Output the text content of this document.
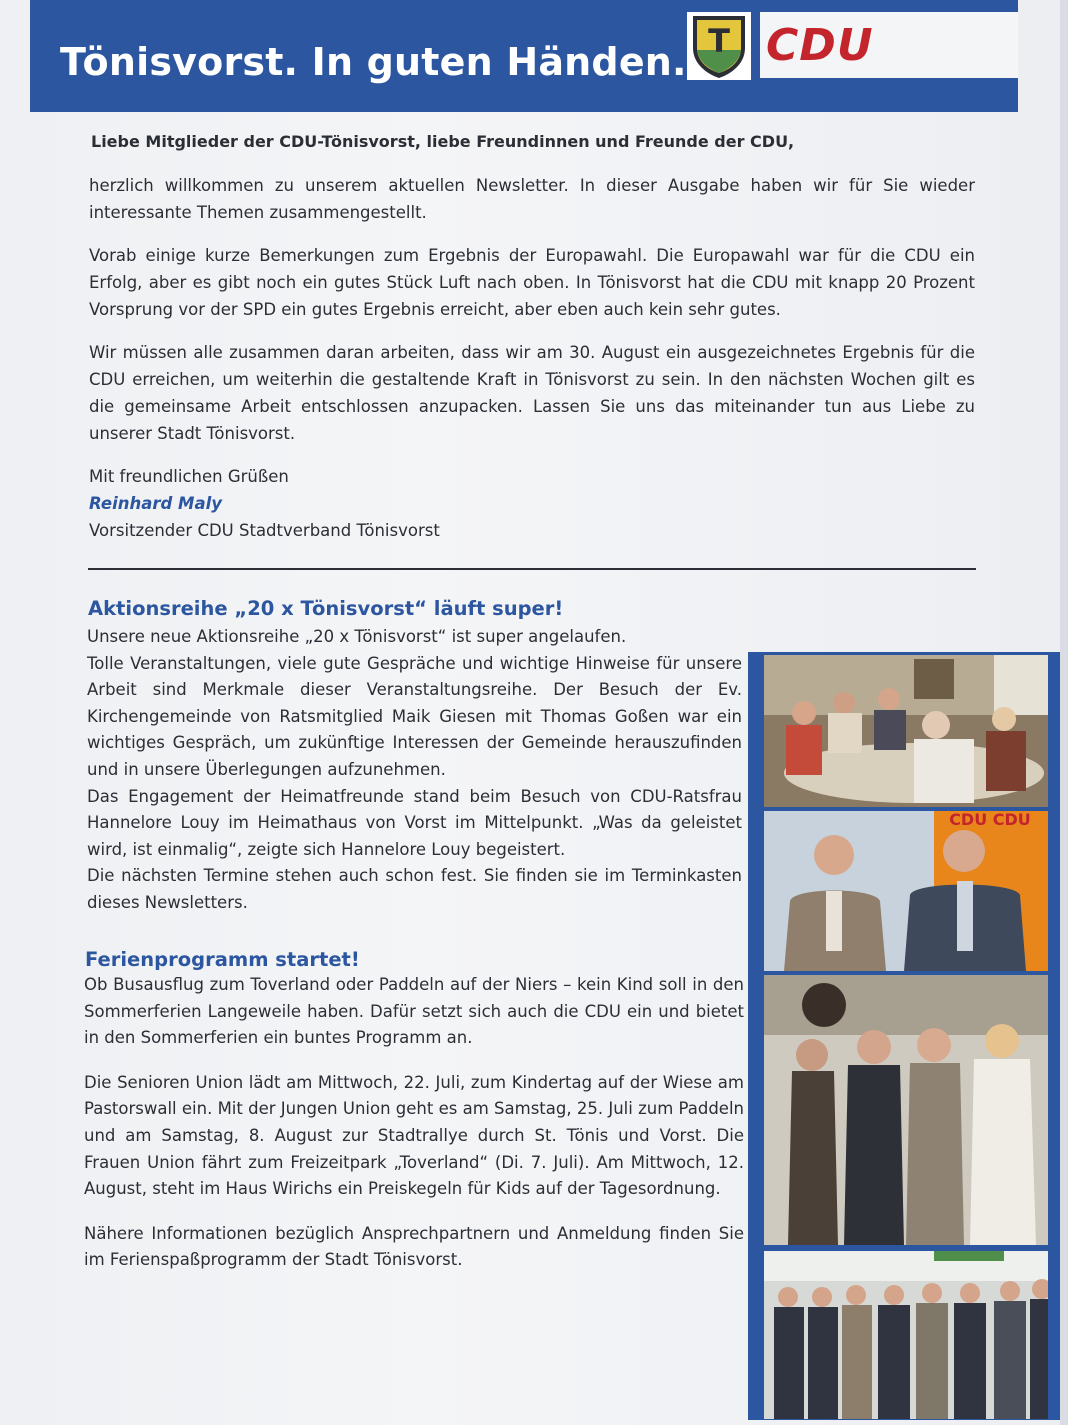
Tönisvorst. In guten Händen. T CDU
Liebe Mitglieder der CDU-Tönisvorst, liebe Freundinnen und Freunde der CDU,

herzlich willkommen zu unserem aktuellen Newsletter. In dieser Ausgabe haben wir für Sie wieder interessante Themen zusammengestellt.

Vorab einige kurze Bemerkungen zum Ergebnis der Europawahl. Die Europawahl war für die CDU ein Erfolg, aber es gibt noch ein gutes Stück Luft nach oben. In Tönisvorst hat die CDU mit knapp 20 Prozent Vorsprung vor der SPD ein gutes Ergebnis erreicht, aber eben auch kein sehr gutes.

Wir müssen alle zusammen daran arbeiten, dass wir am 30. August ein ausgezeichnetes Ergebnis für die CDU erreichen, um weiterhin die gestaltende Kraft in Tönisvorst zu sein. In den nächsten Wochen gilt es die gemeinsame Arbeit entschlossen anzupacken. Lassen Sie uns das miteinander tun aus Liebe zu unserer Stadt Tönisvorst.

Mit freundlichen Grüßen

Reinhard Maly

Vorsitzender CDU Stadtverband Tönisvorst

Aktionsreihe „20 x Tönisvorst“ läuft super!

Unsere neue Aktionsreihe „20 x Tönisvorst“ ist super angelaufen.

Tolle Veranstaltungen, viele gute Gespräche und wichtige Hinweise für unsere Arbeit sind Merkmale dieser Veranstaltungsreihe. Der Besuch der Ev. Kirchengemeinde von Ratsmitglied Maik Giesen mit Thomas Goßen war ein wichtiges Gespräch, um zukünftige Interessen der Gemeinde herauszufinden und in unsere Überlegungen aufzunehmen.

Das Engagement der Heimatfreunde stand beim Besuch von CDU-Ratsfrau Hannelore Louy im Heimathaus von Vorst im Mittelpunkt. „Was da geleistet wird, ist einmalig“, zeigte sich Hannelore Louy begeistert.

Die nächsten Termine stehen auch schon fest. Sie finden sie im Terminkasten dieses Newsletters.

Ferienprogramm startet!

Ob Busausflug zum Toverland oder Paddeln auf der Niers – kein Kind soll in den Sommerferien Langeweile haben. Dafür setzt sich auch die CDU ein und bietet in den Sommerferien ein buntes Programm an.

Die Senioren Union lädt am Mittwoch, 22. Juli, zum Kindertag auf der Wiese am Pastorswall ein. Mit der Jungen Union geht es am Samstag, 25. Juli zum Paddeln und am Samstag, 8. August zur Stadtrallye durch St. Tönis und Vorst. Die Frauen Union fährt zum Freizeitpark „Toverland“ (Di. 7. Juli). Am Mittwoch, 12. August, steht im Haus Wirichs ein Preiskegeln für Kids auf der Tagesordnung.

Nähere Informationen bezüglich Ansprechpartnern und Anmeldung finden Sie im Ferienspaßprogramm der Stadt Tönisvorst.

CDU CDU
